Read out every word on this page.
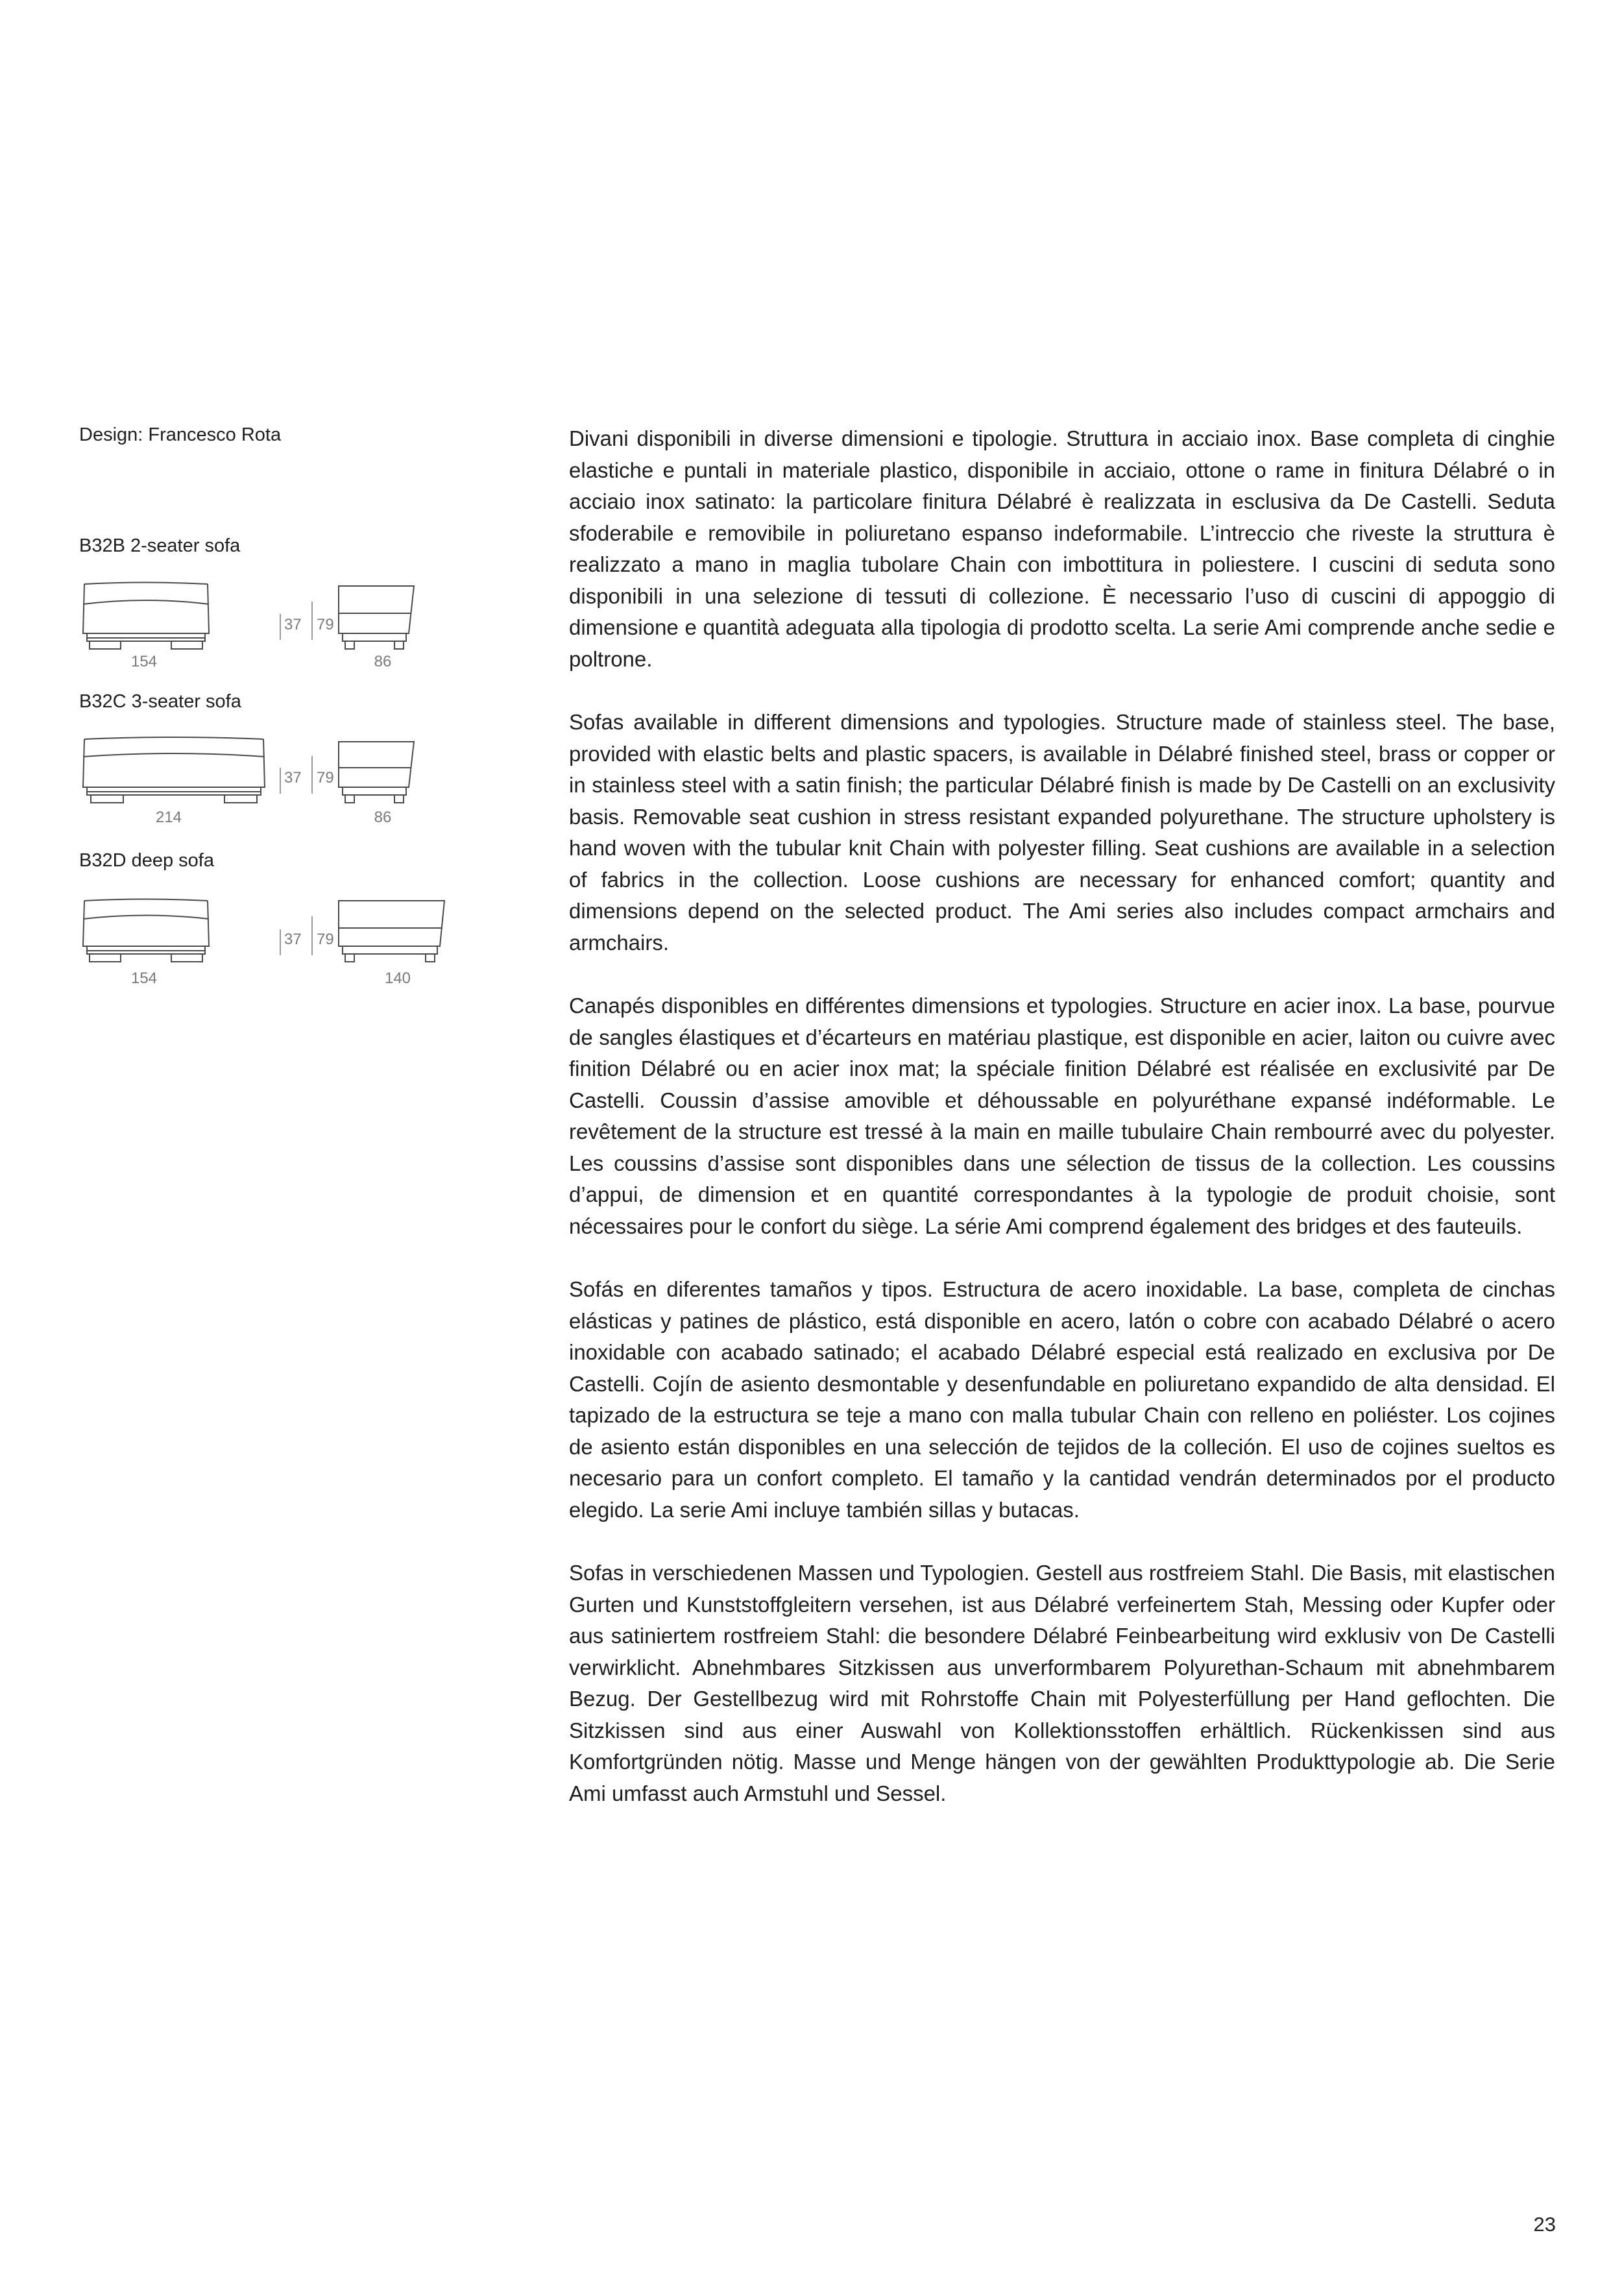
Design: Francesco Rota
B32B 2-seater sofa
154
37 79
86
B32C 3-seater sofa
214
37 79
86
B32D deep sofa
154
37 79
140

Divani disponibili in diverse dimensioni e tipologie. Struttura in acciaio inox. Base completa di cinghie elastiche e puntali in materiale plastico, disponibile in acciaio, ottone o rame in finitura Délabré o in acciaio inox satinato: la particolare finitura Délabré è realizzata in esclusiva da De Castelli. Seduta sfoderabile e removibile in poliuretano espanso indeformabile. L’intreccio che riveste la struttura è realizzato a mano in maglia tubolare Chain con imbottitura in poliestere. I cuscini di seduta sono disponibili in una selezione di tessuti di collezione. È necessario l’uso di cuscini di appoggio di dimensione e quantità adeguata alla tipologia di prodotto scelta. La serie Ami comprende anche sedie e poltrone.

Sofas available in different dimensions and typologies. Structure made of stainless steel. The base, provided with elastic belts and plastic spacers, is available in Délabré finished steel, brass or copper or in stainless steel with a satin finish; the particular Délabré finish is made by De Castelli on an exclusivity basis. Removable seat cushion in stress resistant expanded polyurethane. The structure upholstery is hand woven with the tubular knit Chain with polyester filling. Seat cushions are available in a selection of fabrics in the collection. Loose cushions are necessary for enhanced comfort; quantity and dimensions depend on the selected product. The Ami series also includes compact armchairs and armchairs.

Canapés disponibles en différentes dimensions et typologies. Structure en acier inox. La base, pourvue de sangles élastiques et d’écarteurs en matériau plastique, est disponible en acier, laiton ou cuivre avec finition Délabré ou en acier inox mat; la spéciale finition Délabré est réalisée en exclusivité par De Castelli. Coussin d’assise amovible et déhoussable en polyuréthane expansé indéformable. Le revêtement de la structure est tressé à la main en maille tubulaire Chain rembourré avec du polyester. Les coussins d’assise sont disponibles dans une sélection de tissus de la collection. Les coussins d’appui, de dimension et en quantité correspondantes à la typologie de produit choisie, sont nécessaires pour le confort du siège. La série Ami comprend également des bridges et des fauteuils.

Sofás en diferentes tamaños y tipos. Estructura de acero inoxidable. La base, completa de cinchas elásticas y patines de plástico, está disponible en acero, latón o cobre con acabado Délabré o acero inoxidable con acabado satinado; el acabado Délabré especial está realizado en exclusiva por De Castelli. Cojín de asiento desmontable y desenfundable en poliuretano expandido de alta densidad. El tapizado de la estructura se teje a mano con malla tubular Chain con relleno en poliéster. Los cojines de asiento están disponibles en una selección de tejidos de la colleción. El uso de cojines sueltos es necesario para un confort completo. El tamaño y la cantidad vendrán determinados por el producto elegido. La serie Ami incluye también sillas y butacas.

Sofas in verschiedenen Massen und Typologien. Gestell aus rostfreiem Stahl. Die Basis, mit elastischen Gurten und Kunststoffgleitern versehen, ist aus Délabré verfeinertem Stah, Messing oder Kupfer oder aus satiniertem rostfreiem Stahl: die besondere Délabré Feinbearbeitung wird exklusiv von De Castelli verwirklicht. Abnehmbares Sitzkissen aus unverformbarem Polyurethan-Schaum mit abnehmbarem Bezug. Der Gestellbezug wird mit Rohrstoffe Chain mit Polyesterfüllung per Hand geflochten. Die Sitzkissen sind aus einer Auswahl von Kollektionsstoffen erhältlich. Rückenkissen sind aus Komfortgründen nötig. Masse und Menge hängen von der gewählten Produkttypologie ab. Die Serie Ami umfasst auch Armstuhl und Sessel.

23
